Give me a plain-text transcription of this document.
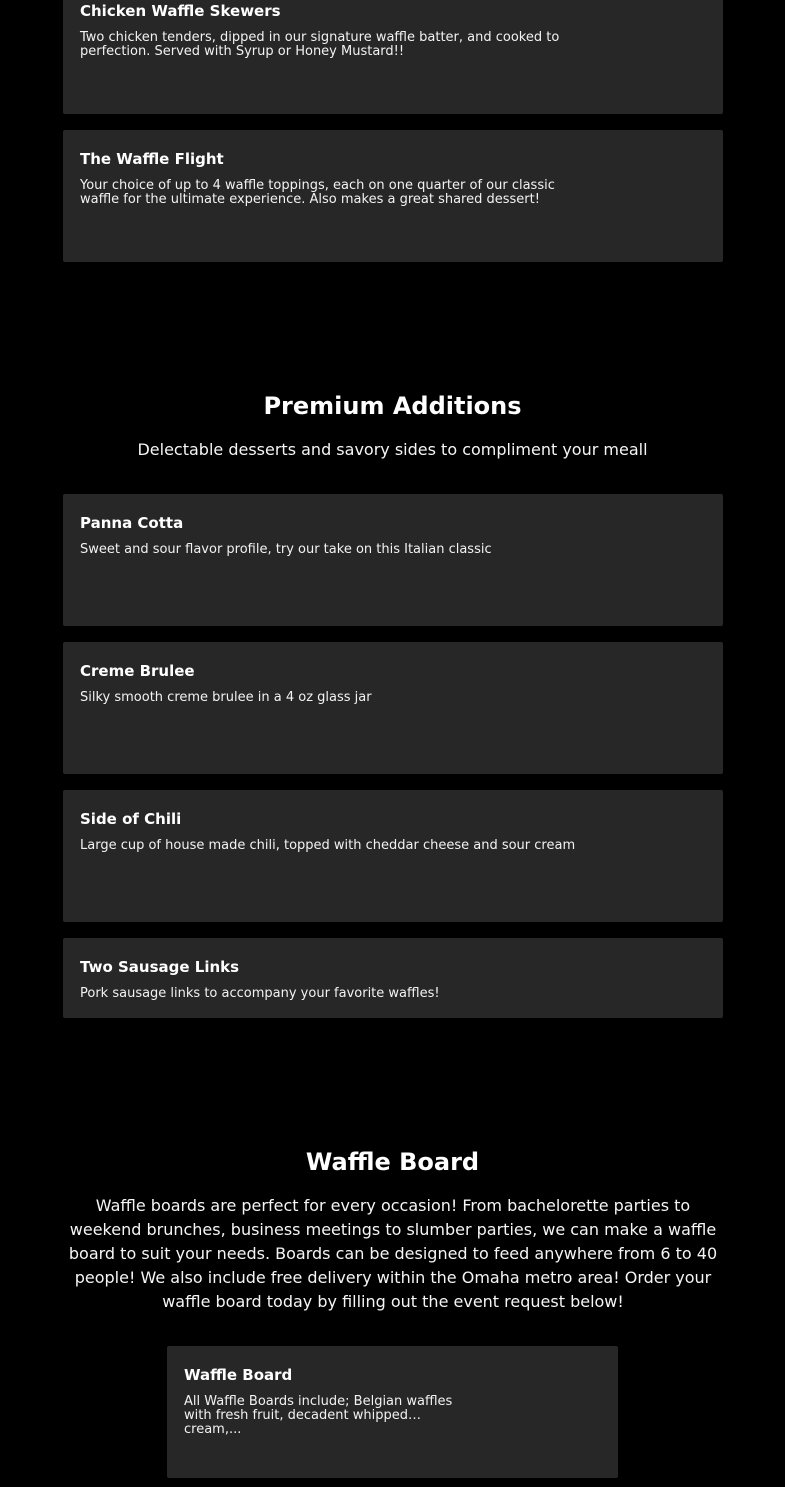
Chicken Waffle Skewers
Two chicken tenders, dipped in our signature waffle batter, and cooked to perfection. Served with Syrup or Honey Mustard!!
The Waffle Flight
Your choice of up to 4 waffle toppings, each on one quarter of our classic waffle for the ultimate experience. Also makes a great shared dessert!
Premium Additions
Delectable desserts and savory sides to compliment your meall
Panna Cotta
Sweet and sour flavor profile, try our take on this Italian classic
Creme Brulee
Silky smooth creme brulee in a 4 oz glass jar
Side of Chili
Large cup of house made chili, topped with cheddar cheese and sour cream
Two Sausage Links
Pork sausage links to accompany your favorite waffles!
Waffle Board
Waffle boards are perfect for every occasion! From bachelorette parties to weekend brunches, business meetings to slumber parties, we can make a waffle board to suit your needs. Boards can be designed to feed anywhere from 6 to 40 people! We also include free delivery within the Omaha metro area! Order your waffle board today by filling out the event request below!
Waffle Board
All Waffle Boards include; Belgian waffles with fresh fruit, decadent whipped cream,...
